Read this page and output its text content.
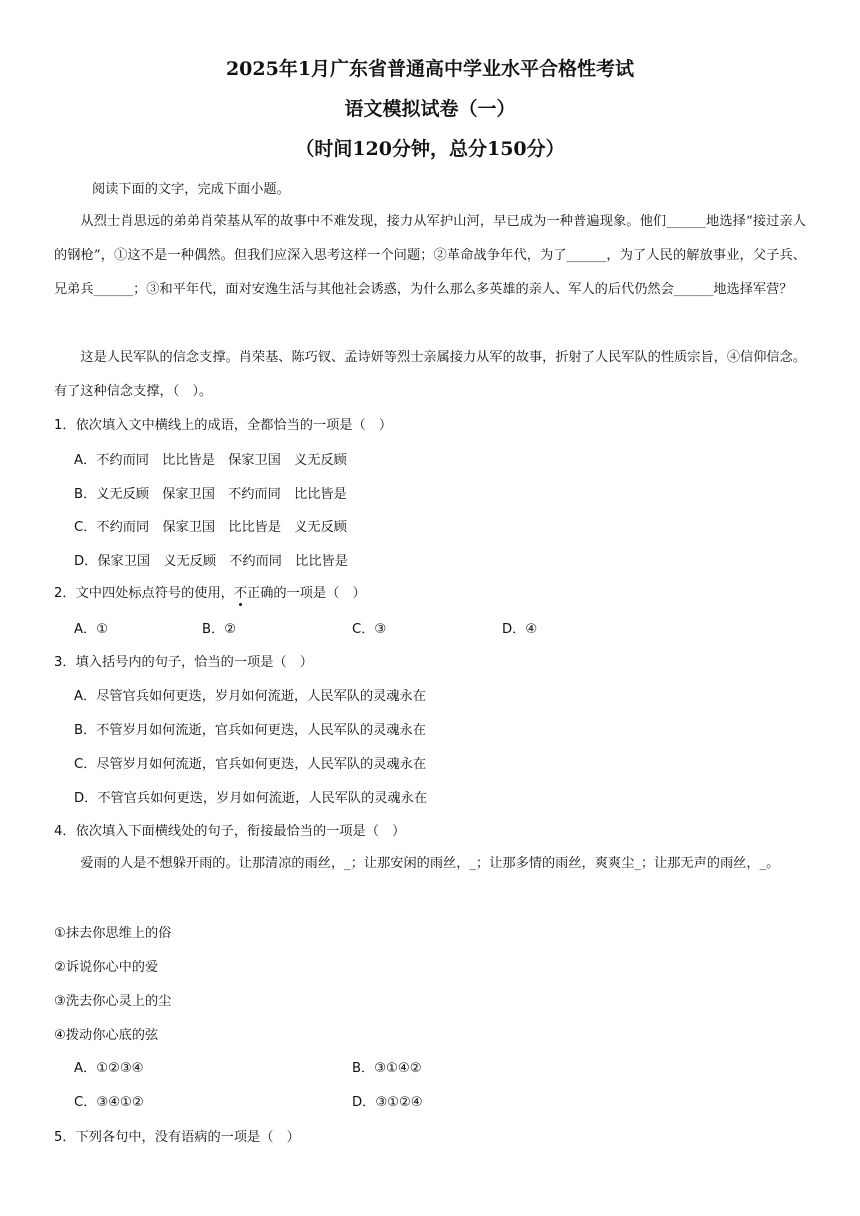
2025年1月广东省普通高中学业水平合格性考试
语文模拟试卷（一）
（时间120分钟，总分150分）
阅读下面的文字，完成下面小题。

从烈士肖思远的弟弟肖荣基从军的故事中不难发现，接力从军护山河，早已成为一种普遍现象。他们______地选择“接过亲人的钢枪”，①这不是一种偶然。但我们应深入思考这样一个问题；②革命战争年代，为了______，为了人民的解放事业，父子兵、兄弟兵______；③和平年代，面对安逸生活与其他社会诱惑，为什么那么多英雄的亲人、军人的后代仍然会______地选择军营？

这是人民军队的信念支撑。肖荣基、陈巧钗、孟诗妍等烈士亲属接力从军的故事，折射了人民军队的性质宗旨，④信仰信念。有了这种信念支撑，（　）。

1．依次填入文中横线上的成语，全都恰当的一项是（　）
A．不约而同　比比皆是　保家卫国　义无反顾
B．义无反顾　保家卫国　不约而同　比比皆是
C．不约而同　保家卫国　比比皆是　义无反顾
D．保家卫国　义无反顾　不约而同　比比皆是
2．文中四处标点符号的使用，不正确的一项是（　）
A．①	B．②	C．③	D．④
3．填入括号内的句子，恰当的一项是（　）
A．尽管官兵如何更迭，岁月如何流逝，人民军队的灵魂永在
B．不管岁月如何流逝，官兵如何更迭，人民军队的灵魂永在
C．尽管岁月如何流逝，官兵如何更迭，人民军队的灵魂永在
D．不管官兵如何更迭，岁月如何流逝，人民军队的灵魂永在
4．依次填入下面横线处的句子，衔接最恰当的一项是（　）

爱雨的人是不想躲开雨的。让那清凉的雨丝，_；让那安闲的雨丝，_；让那多情的雨丝，爽爽尘_；让那无声的雨丝，_。

①抹去你思维上的俗
②诉说你心中的爱
③洗去你心灵上的尘
④拨动你心底的弦
A．①②③④	B．③①④②
C．③④①②	D．③①②④
5．下列各句中，没有语病的一项是（　）
